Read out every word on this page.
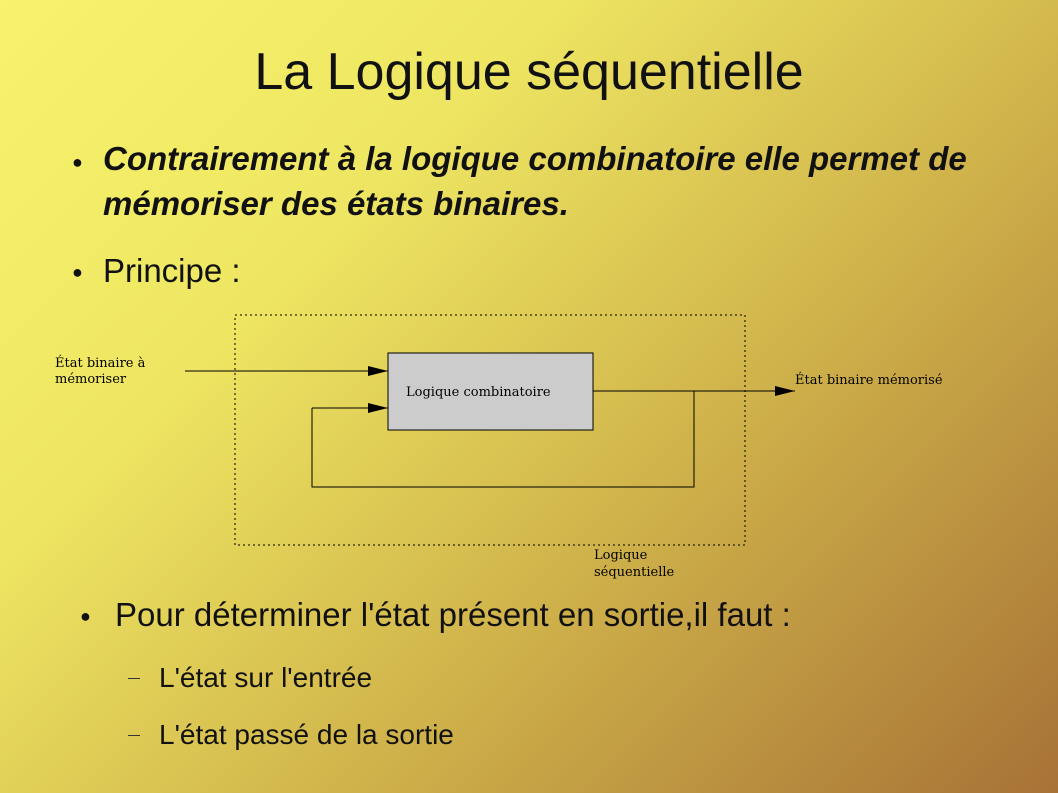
La Logique séquentielle
● Contrairement à la logique combinatoire elle permet de mémoriser des états binaires.
● Principe :
Logique combinatoire
État binaire à
mémoriser	État binaire mémorisé
Logique
séquentielle
● Pour déterminer l'état présent en sortie,il faut :
L'état sur l'entrée
L'état passé de la sortie
